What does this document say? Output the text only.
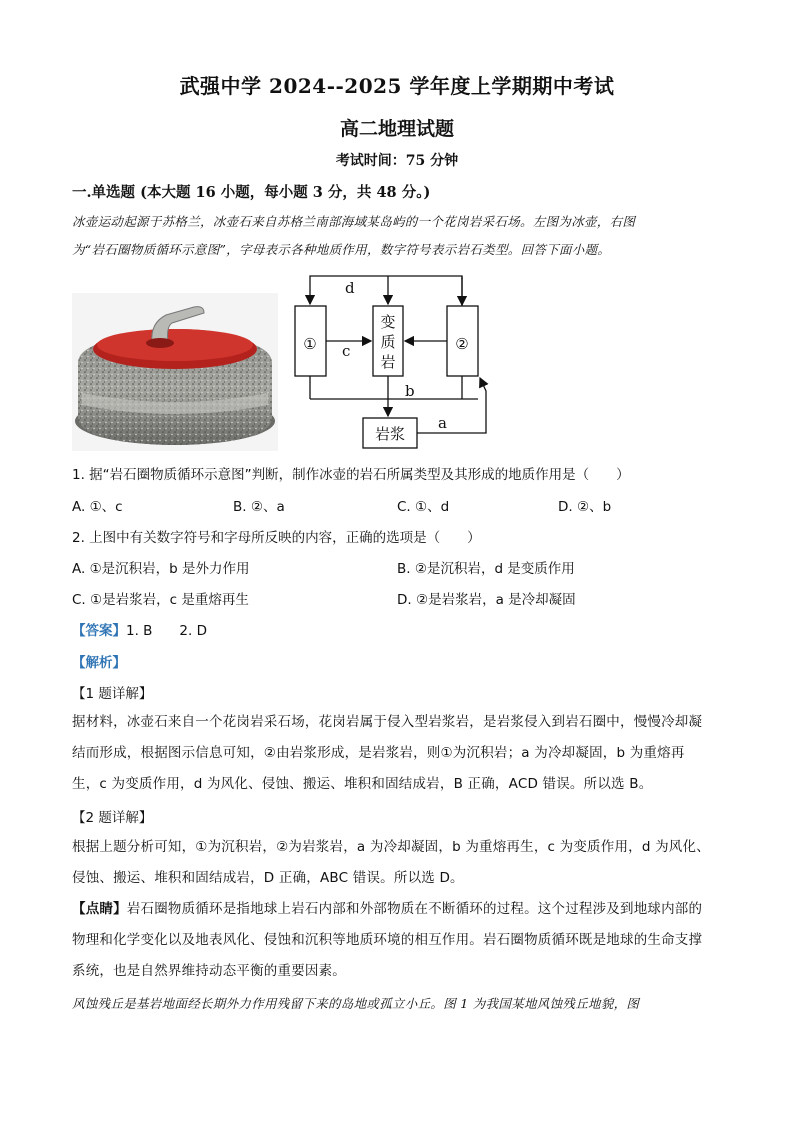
武强中学 2024--2025 学年度上学期期中考试
高二地理试题
考试时间：75 分钟
一.单选题 (本大题 16 小题，每小题 3 分，共 48 分。)
冰壶运动起源于苏格兰，冰壶石来自苏格兰南部海域某岛屿的一个花岗岩采石场。左图为冰壶，右图
为“岩石圈物质循环示意图”，字母表示各种地质作用，数字符号表示岩石类型。回答下面小题。
①	②
变
质
岩
岩浆
a
b
c
d
1. 据“岩石圈物质循环示意图”判断，制作冰壶的岩石所属类型及其形成的地质作用是（　　）
A. ①、c	B. ②、a	C. ①、d	D. ②、b
2. 上图中有关数字符号和字母所反映的内容，正确的选项是（　　）
A. ①是沉积岩，b 是外力作用	B. ②是沉积岩，d 是变质作用
C. ①是岩浆岩，c 是重熔再生	D. ②是岩浆岩，a 是冷却凝固
【答案】1. B　　2. D
【解析】
【1 题详解】
据材料，冰壶石来自一个花岗岩采石场，花岗岩属于侵入型岩浆岩，是岩浆侵入到岩石圈中，慢慢冷却凝
结而形成，根据图示信息可知，②由岩浆形成，是岩浆岩，则①为沉积岩；a 为冷却凝固，b 为重熔再
生，c 为变质作用，d 为风化、侵蚀、搬运、堆积和固结成岩，B 正确，ACD 错误。所以选 B。
【2 题详解】
根据上题分析可知，①为沉积岩，②为岩浆岩，a 为冷却凝固，b 为重熔再生，c 为变质作用，d 为风化、
侵蚀、搬运、堆积和固结成岩，D 正确，ABC 错误。所以选 D。
【点睛】岩石圈物质循环是指地球上岩石内部和外部物质在不断循环的过程。这个过程涉及到地球内部的
物理和化学变化以及地表风化、侵蚀和沉积等地质环境的相互作用。岩石圈物质循环既是地球的生命支撑
系统，也是自然界维持动态平衡的重要因素。
风蚀残丘是基岩地面经长期外力作用残留下来的岛地或孤立小丘。图 1 为我国某地风蚀残丘地貌，图
